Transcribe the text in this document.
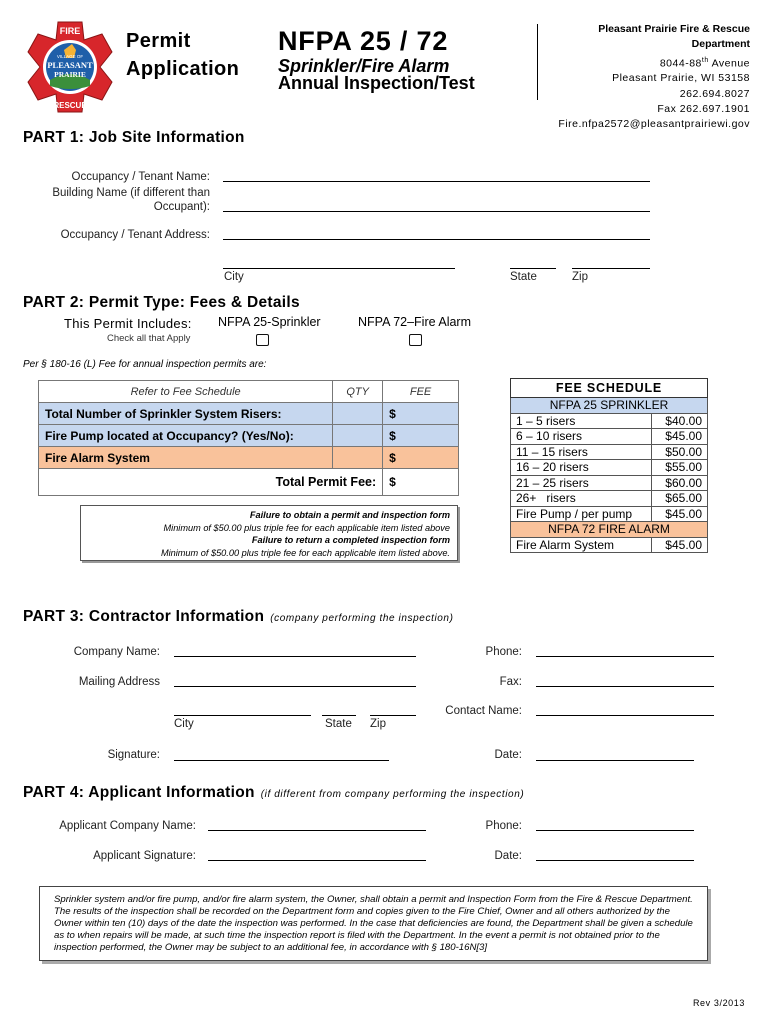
FIRE
VILLAGE OF
PLEASANT
PRAIRIE
RESCUE
Permit
Application
NFPA 25 / 72
Sprinkler/Fire Alarm
Annual Inspection/Test
Pleasant Prairie Fire & Rescue Department
8044-88th Avenue
Pleasant Prairie, WI 53158
262.694.8027
Fax 262.697.1901
Fire.nfpa2572@pleasantprairiewi.gov
PART 1: Job Site Information
Occupancy / Tenant Name:
Building Name (if different than
Occupant):
Occupancy / Tenant Address:
City	State	Zip
PART 2: Permit Type: Fees & Details
This Permit Includes:
Check all that Apply
NFPA 25-Sprinkler	NFPA 72–Fire Alarm
Per § 180-16 (L) Fee for annual inspection permits are:
Refer to Fee Schedule	QTY	FEE
Total Number of Sprinkler System Risers:		$
Fire Pump located at Occupancy? (Yes/No):		$
Fire Alarm System		$
Total Permit Fee:		$
Failure to obtain a permit and inspection form
Minimum of $50.00 plus triple fee for each applicable item listed above
Failure to return a completed inspection form
Minimum of $50.00 plus triple fee for each applicable item listed above.
FEE SCHEDULE	
NFPA 25 SPRINKLER	
1 – 5 risers	$40.00
6 – 10 risers	$45.00
11 – 15 risers	$50.00
16 – 20 risers	$55.00
21 – 25 risers	$60.00
26+   risers	$65.00
Fire Pump / per pump	$45.00
NFPA 72 FIRE ALARM	
Fire Alarm System	$45.00
PART 3: Contractor Information (company performing the inspection)
Company Name:	Phone:
Mailing Address	Fax:
City	State Zip
Contact Name:
Signature:	Date:
PART 4: Applicant Information (if different from company performing the inspection)
Applicant Company Name:	Phone:
Applicant Signature:	Date:
Sprinkler system and/or fire pump, and/or fire alarm system, the Owner, shall obtain a permit and Inspection Form from the Fire & Rescue Department. The results of the inspection shall be recorded on the Department form and copies given to the Fire Chief, Owner and all others authorized by the Owner within ten (10) days of the date the inspection was performed. In the case that deficiencies are found, the Department shall be given a schedule as to when repairs will be made, at such time the inspection report is filed with the Department. In the event a permit is not obtained prior to the inspection performed, the Owner may be subject to an additional fee, in accordance with § 180-16N[3]
Rev 3/2013
